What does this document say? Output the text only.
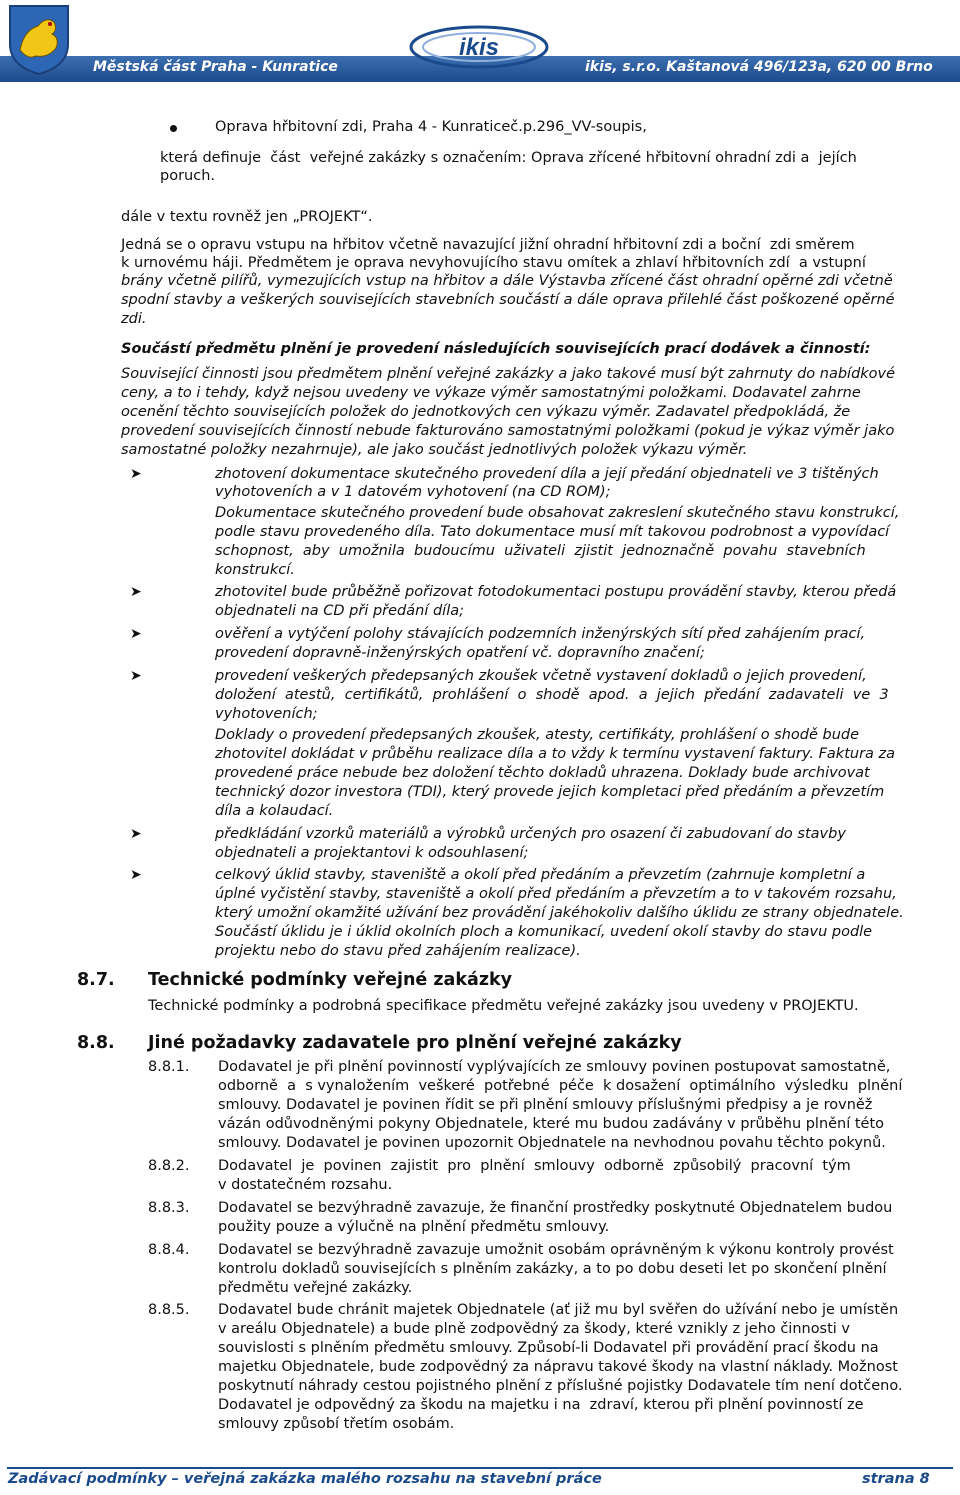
ikis
Městská část Praha - Kunratice	ikis, s.r.o. Kaštanová 496/123a, 620 00 Brno
Oprava hřbitovní zdi, Praha 4 - Kunraticeč.p.296_VV-soupis,
která definuje  část  veřejné zakázky s označením: Oprava zřícené hřbitovní ohradní zdi a  jejích
poruch.
dále v textu rovněž jen „PROJEKT“.
Jedná se o opravu vstupu na hřbitov včetně navazující jižní ohradní hřbitovní zdi a boční  zdi směrem
k urnovému háji. Předmětem je oprava nevyhovujícího stavu omítek a zhlaví hřbitovních zdí  a vstupní
brány včetně pilířů, vymezujících vstup na hřbitov a dále Výstavba zřícené část ohradní opěrné zdi včetně
spodní stavby a veškerých souvisejících stavebních součástí a dále oprava přilehlé část poškozené opěrné
zdi.
Součástí předmětu plnění je provedení následujících souvisejících prací dodávek a činností:
Související činnosti jsou předmětem plnění veřejné zakázky a jako takové musí být zahrnuty do nabídkové
ceny, a to i tehdy, když nejsou uvedeny ve výkaze výměr samostatnými položkami. Dodavatel zahrne
ocenění těchto souvisejících položek do jednotkových cen výkazu výměr. Zadavatel předpokládá, že
provedení souvisejících činností nebude fakturováno samostatnými položkami (pokud je výkaz výměr jako
samostatné položky nezahrnuje), ale jako součást jednotlivých položek výkazu výměr.
➤	zhotovení dokumentace skutečného provedení díla a její předání objednateli ve 3 tištěných
vyhotoveních a v 1 datovém vyhotovení (na CD ROM);
Dokumentace skutečného provedení bude obsahovat zakreslení skutečného stavu konstrukcí,
podle stavu provedeného díla. Tato dokumentace musí mít takovou podrobnost a vypovídací
schopnost,  aby  umožnila  budoucímu  uživateli  zjistit  jednoznačně  povahu  stavebních
konstrukcí.
➤	zhotovitel bude průběžně pořizovat fotodokumentaci postupu provádění stavby, kterou předá
objednateli na CD při předání díla;
➤	ověření a vytýčení polohy stávajících podzemních inženýrských sítí před zahájením prací,
provedení dopravně-inženýrských opatření vč. dopravního značení;
➤	provedení veškerých předepsaných zkoušek včetně vystavení dokladů o jejich provedení,
doložení  atestů,  certifikátů,  prohlášení  o  shodě  apod.  a  jejich  předání  zadavateli  ve  3
vyhotoveních;
Doklady o provedení předepsaných zkoušek, atesty, certifikáty, prohlášení o shodě bude
zhotovitel dokládat v průběhu realizace díla a to vždy k termínu vystavení faktury. Faktura za
provedené práce nebude bez doložení těchto dokladů uhrazena. Doklady bude archivovat
technický dozor investora (TDI), který provede jejich kompletaci před předáním a převzetím
díla a kolaudací.
➤	předkládání vzorků materiálů a výrobků určených pro osazení či zabudovaní do stavby
objednateli a projektantovi k odsouhlasení;
➤	celkový úklid stavby, staveniště a okolí před předáním a převzetím (zahrnuje kompletní a
úplné vyčistění stavby, staveniště a okolí před předáním a převzetím a to v takovém rozsahu,
který umožní okamžité užívání bez provádění jakéhokoliv dalšího úklidu ze strany objednatele.
Součástí úklidu je i úklid okolních ploch a komunikací, uvedení okolí stavby do stavu podle
projektu nebo do stavu před zahájením realizace).
8.7. Technické podmínky veřejné zakázky
Technické podmínky a podrobná specifikace předmětu veřejné zakázky jsou uvedeny v PROJEKTU.
8.8. Jiné požadavky zadavatele pro plnění veřejné zakázky
8.8.1. Dodavatel je při plnění povinností vyplývajících ze smlouvy povinen postupovat samostatně,
odborně  a  s vynaložením  veškeré  potřebné  péče  k dosažení  optimálního  výsledku  plnění
smlouvy. Dodavatel je povinen řídit se při plnění smlouvy příslušnými předpisy a je rovněž
vázán odůvodněnými pokyny Objednatele, které mu budou zadávány v průběhu plnění této
smlouvy. Dodavatel je povinen upozornit Objednatele na nevhodnou povahu těchto pokynů.
8.8.2. Dodavatel  je  povinen  zajistit  pro  plnění  smlouvy  odborně  způsobilý  pracovní  tým
v dostatečném rozsahu.
8.8.3. Dodavatel se bezvýhradně zavazuje, že finanční prostředky poskytnuté Objednatelem budou
použity pouze a výlučně na plnění předmětu smlouvy.
8.8.4. Dodavatel se bezvýhradně zavazuje umožnit osobám oprávněným k výkonu kontroly provést
kontrolu dokladů souvisejících s plněním zakázky, a to po dobu deseti let po skončení plnění
předmětu veřejné zakázky.
8.8.5. Dodavatel bude chránit majetek Objednatele (ať již mu byl svěřen do užívání nebo je umístěn
v areálu Objednatele) a bude plně zodpovědný za škody, které vznikly z jeho činnosti v
souvislosti s plněním předmětu smlouvy. Způsobí-li Dodavatel při provádění prací škodu na
majetku Objednatele, bude zodpovědný za nápravu takové škody na vlastní náklady. Možnost
poskytnutí náhrady cestou pojistného plnění z příslušné pojistky Dodavatele tím není dotčeno.
Dodavatel je odpovědný za škodu na majetku i na  zdraví, kterou při plnění povinností ze
smlouvy způsobí třetím osobám.
Zadávací podmínky – veřejná zakázka malého rozsahu na stavební práce	strana 8
